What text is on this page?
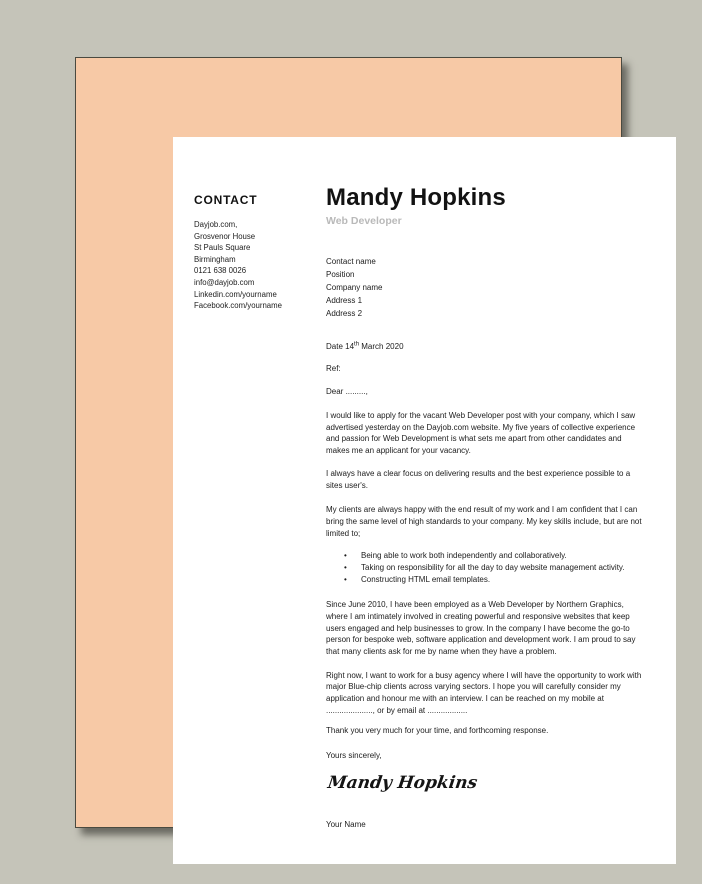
CONTACT
Dayjob.com,
Grosvenor House
St Pauls Square
Birmingham
0121 638 0026
info@dayjob.com
Linkedin.com/yourname
Facebook.com/yourname
Mandy Hopkins
Web Developer
Contact name
Position
Company name
Address 1
Address 2
Date 14th March 2020
Ref:
Dear .........,
I would like to apply for the vacant Web Developer post with your company, which I saw advertised yesterday on the Dayjob.com website. My five years of collective experience and passion for Web Development is what sets me apart from other candidates and makes me an applicant for your vacancy.
I always have a clear focus on delivering results and the best experience possible to a sites user's.
My clients are always happy with the end result of my work and I am confident that I can bring the same level of high standards to your company. My key skills include, but are not limited to;
•	Being able to work both independently and collaboratively.
•	Taking on responsibility for all the day to day website management activity.
•	Constructing HTML email templates.
Since June 2010, I have been employed as a Web Developer by Northern Graphics, where I am intimately involved in creating powerful and responsive websites that keep users engaged and help businesses to grow. In the company I have become the go-to person for bespoke web, software application and development work. I am proud to say that many clients ask for me by name when they have a problem.
Right now, I want to work for a busy agency where I will have the opportunity to work with major Blue-chip clients across varying sectors. I hope you will carefully consider my application and honour me with an interview. I can be reached on my mobile at ....................., or by email at ..................
Thank you very much for your time, and forthcoming response.
Yours sincerely,
Mandy Hopkins
Your Name
